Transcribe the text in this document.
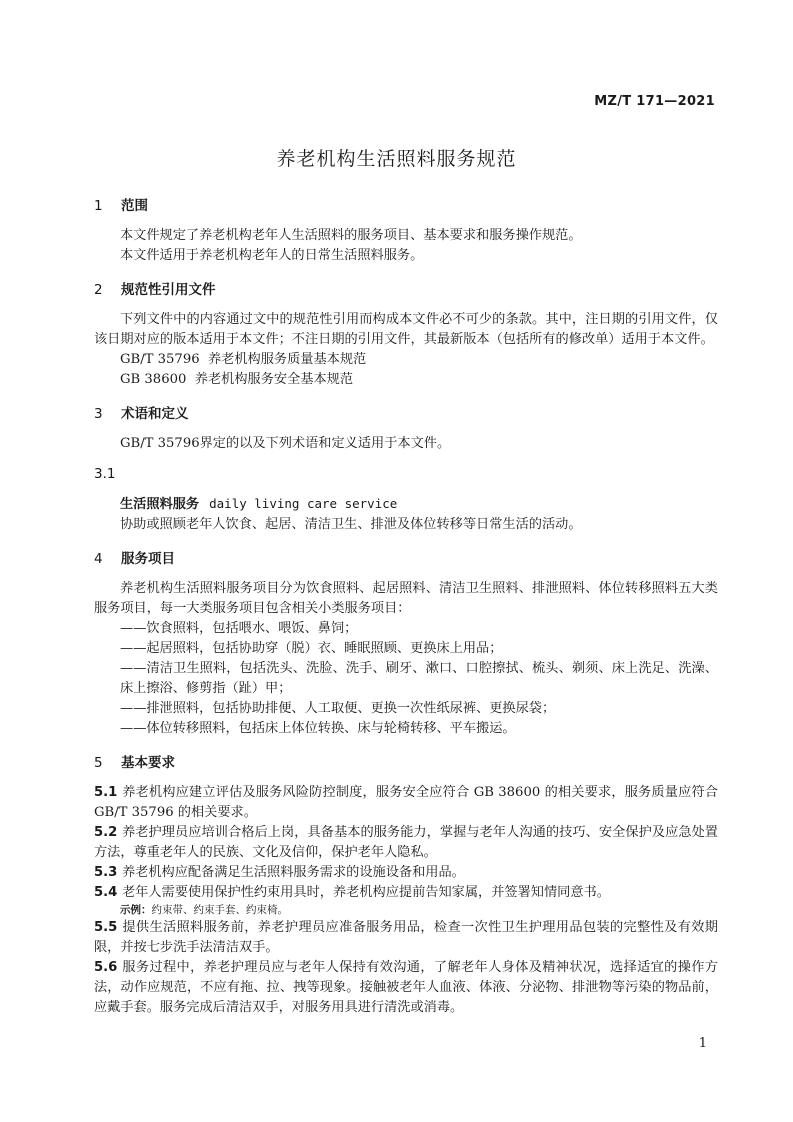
MZ/T 171—2021
养老机构生活照料服务规范

1 范围

本文件规定了养老机构老年人生活照料的服务项目、基本要求和服务操作规范。

本文件适用于养老机构老年人的日常生活照料服务。

2 规范性引用文件

下列文件中的内容通过文中的规范性引用而构成本文件必不可少的条款。其中，注日期的引用文件，仅该日期对应的版本适用于本文件；不注日期的引用文件，其最新版本（包括所有的修改单）适用于本文件。

GB/T 35796  养老机构服务质量基本规范

GB 38600  养老机构服务安全基本规范

3 术语和定义

GB/T 35796界定的以及下列术语和定义适用于本文件。

3.1

生活照料服务 daily living care service

协助或照顾老年人饮食、起居、清洁卫生、排泄及体位转移等日常生活的活动。

4 服务项目

养老机构生活照料服务项目分为饮食照料、起居照料、清洁卫生照料、排泄照料、体位转移照料五大类服务项目，每一大类服务项目包含相关小类服务项目：

——饮食照料，包括喂水、喂饭、鼻饲；

——起居照料，包括协助穿（脱）衣、睡眠照顾、更换床上用品；

——清洁卫生照料，包括洗头、洗脸、洗手、刷牙、漱口、口腔擦拭、梳头、剃须、床上洗足、洗澡、床上擦浴、修剪指（趾）甲；

——排泄照料，包括协助排便、人工取便、更换一次性纸尿裤、更换尿袋；

——体位转移照料，包括床上体位转换、床与轮椅转移、平车搬运。

5 基本要求

5.1 养老机构应建立评估及服务风险防控制度，服务安全应符合 GB 38600 的相关要求，服务质量应符合 GB/T 35796 的相关要求。

5.2 养老护理员应培训合格后上岗，具备基本的服务能力，掌握与老年人沟通的技巧、安全保护及应急处置方法，尊重老年人的民族、文化及信仰，保护老年人隐私。

5.3 养老机构应配备满足生活照料服务需求的设施设备和用品。

5.4 老年人需要使用保护性约束用具时，养老机构应提前告知家属，并签署知情同意书。

示例：约束带、约束手套、约束椅。

5.5 提供生活照料服务前，养老护理员应准备服务用品，检查一次性卫生护理用品包装的完整性及有效期限，并按七步洗手法清洁双手。

5.6 服务过程中，养老护理员应与老年人保持有效沟通，了解老年人身体及精神状况，选择适宜的操作方法，动作应规范，不应有拖、拉、拽等现象。接触被老年人血液、体液、分泌物、排泄物等污染的物品前，应戴手套。服务完成后清洁双手，对服务用具进行清洗或消毒。

1
